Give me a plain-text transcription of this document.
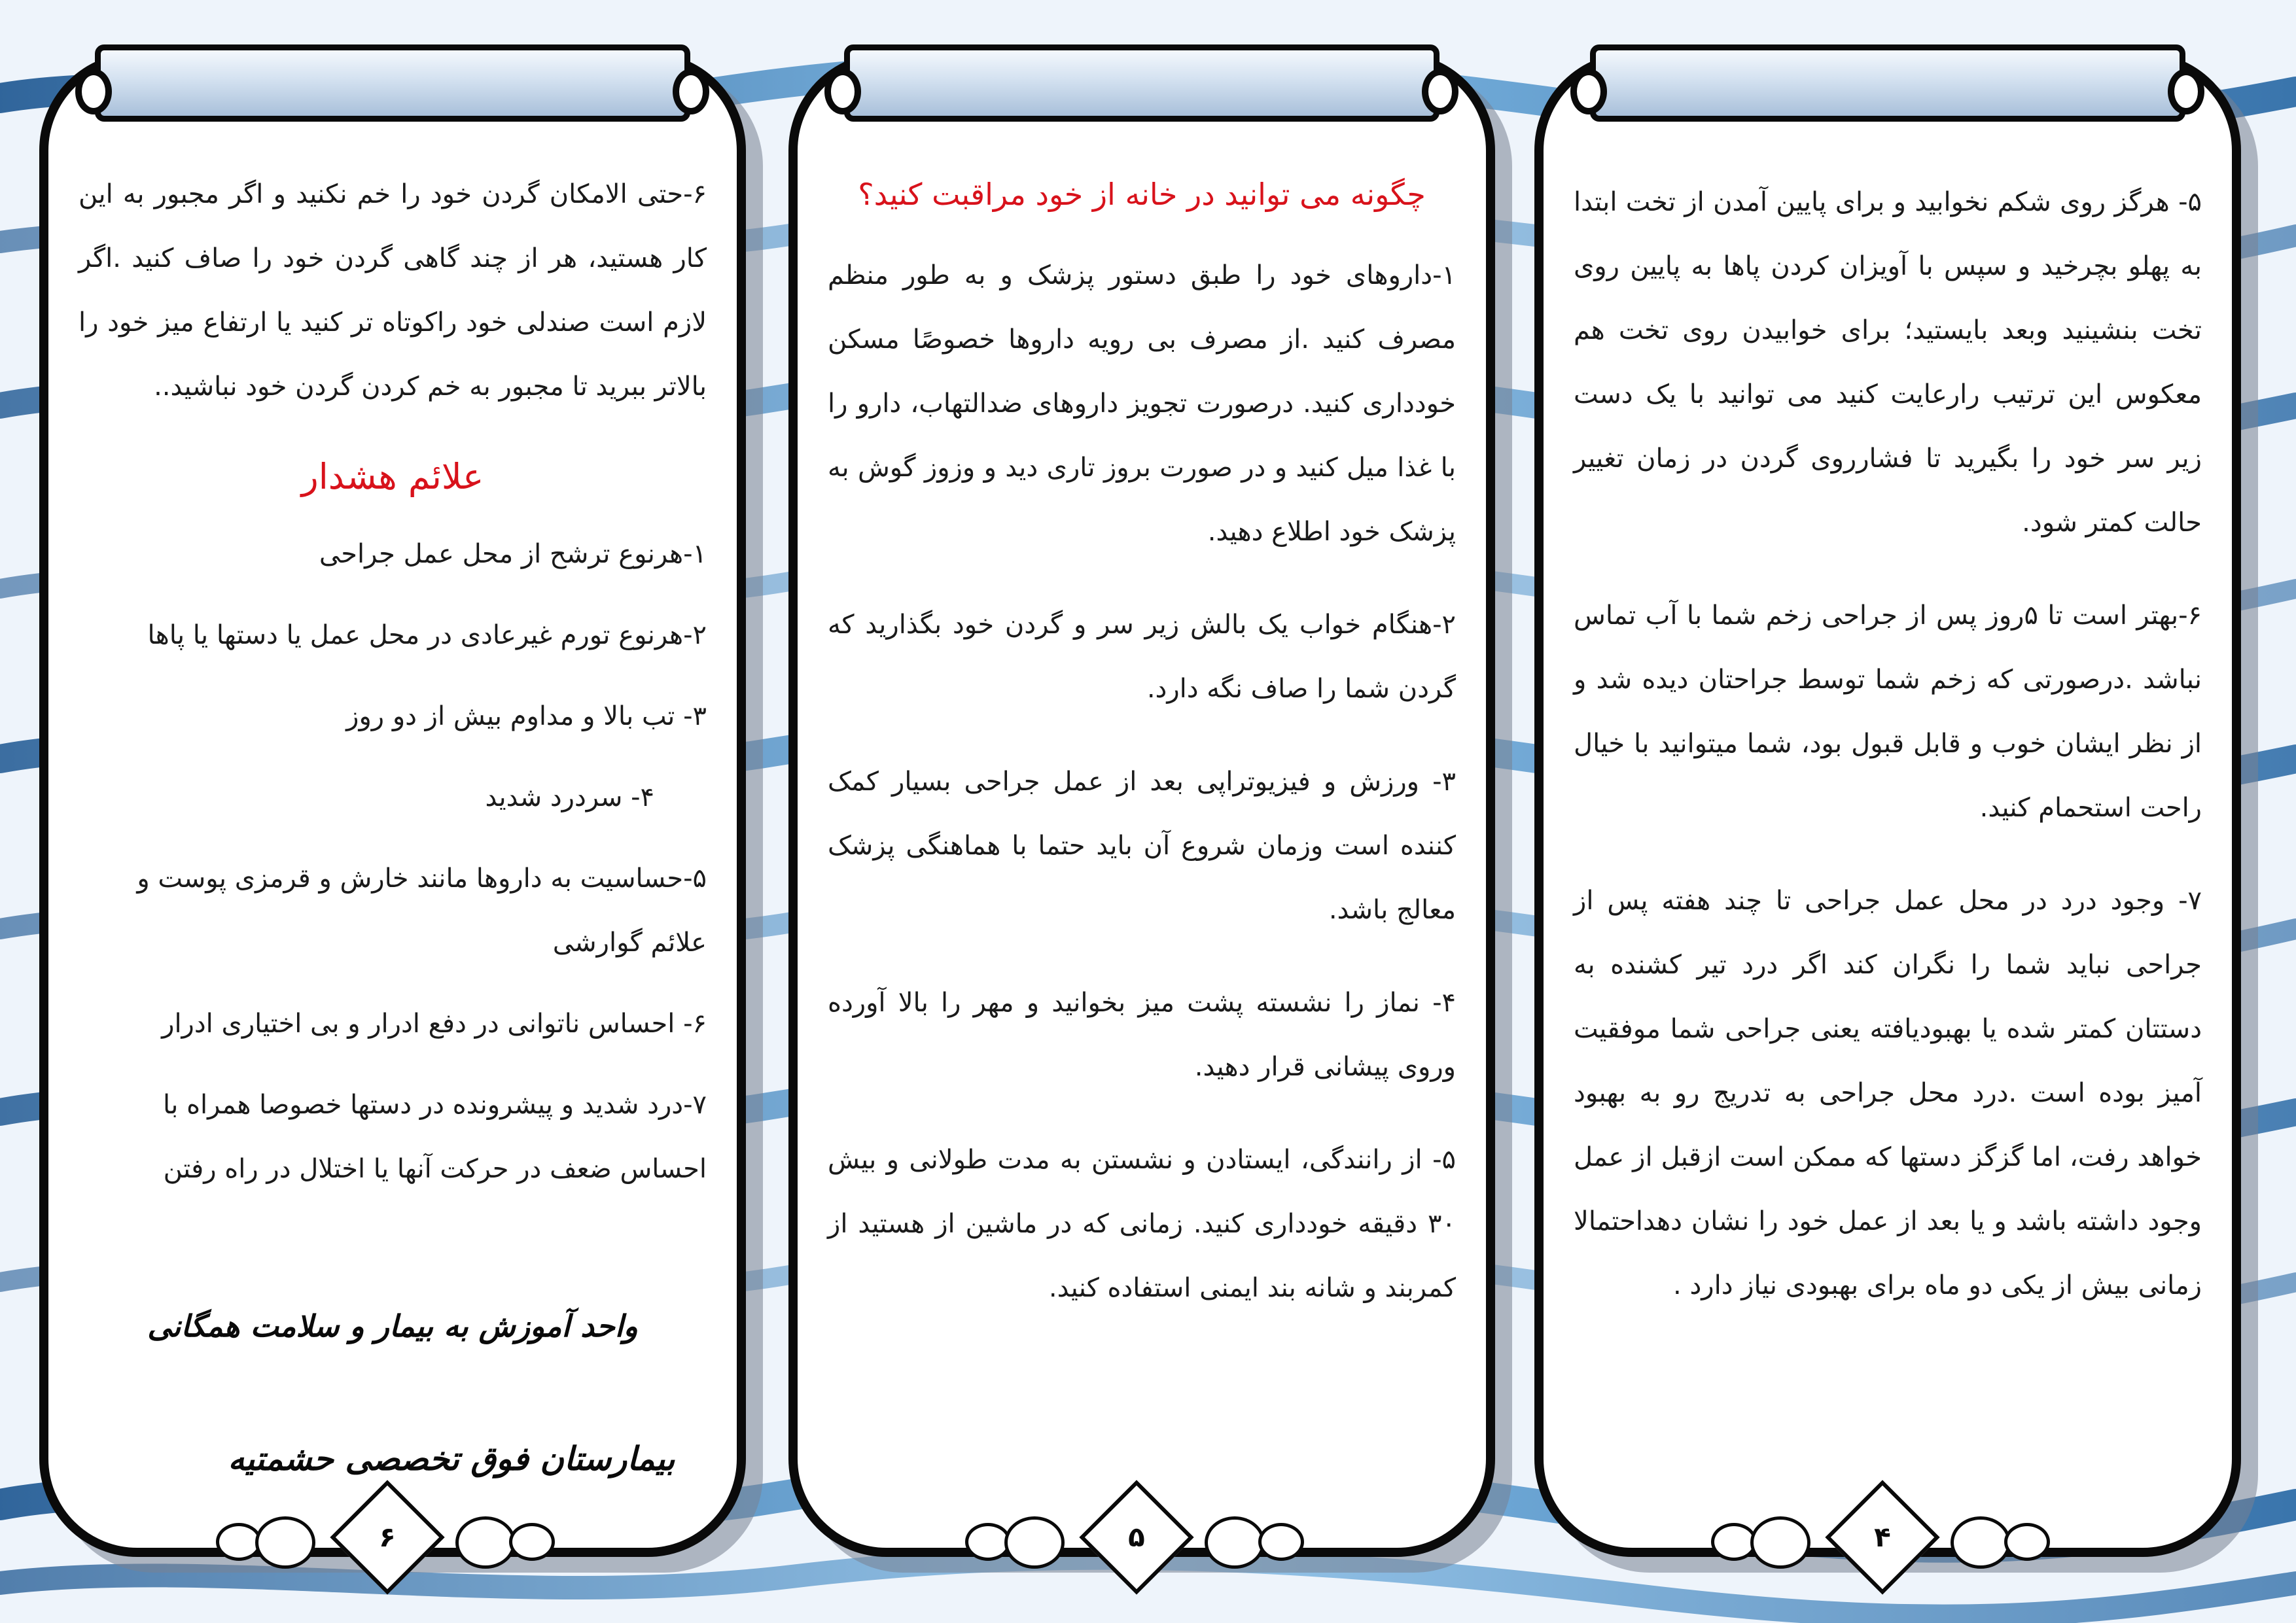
۶-حتی الامکان گردن خود را خم نکنید و اگر مجبور به این کار هستید، هر از چند گاهی گردن خود را صاف کنید .اگر لازم است صندلی خود راکوتاه تر کنید یا ارتفاع میز خود را بالاتر ببرید تا مجبور به خم کردن گردن خود نباشید..

علائم هشدار

۱-هرنوع ترشح از محل عمل جراحی

۲-هرنوع تورم غیرعادی در محل عمل یا دستها یا پاها

۳- تب بالا و مداوم بیش از دو روز

۴- سردرد شدید

۵-حساسیت به داروها مانند خارش و قرمزی پوست و علائم گوارشی

۶- احساس ناتوانی در دفع ادرار و بی اختیاری ادرار

۷-درد شدید و پیشرونده در دستها خصوصا همراه با احساس ضعف در حرکت آنها یا اختلال در راه رفتن

واحد آموزش به بیمار و سلامت همگانی
بیمارستان فوق تخصصی حشمتیه
۶
چگونه می توانید در خانه از خود مراقبت کنید؟

۱-داروهای خود را طبق دستور پزشک و به طور منظم مصرف کنید .از مصرف بی رویه داروها خصوصًا مسکن خودداری کنید. درصورت تجویز داروهای ضدالتهاب، دارو را با غذا میل کنید و در صورت بروز تاری دید و وزوز گوش به پزشک خود اطلاع دهید.

۲-هنگام خواب یک بالش زیر سر و گردن خود بگذارید که گردن شما را صاف نگه دارد.

۳- ورزش و فیزیوتراپی بعد از عمل جراحی بسیار کمک کننده است وزمان شروع آن باید حتما با هماهنگی پزشک معالج باشد.

۴- نماز را نشسته پشت میز بخوانید و مهر را بالا آورده وروی پیشانی قرار دهید.

۵- از رانندگی، ایستادن و نشستن به مدت طولانی و بیش ۳۰ دقیقه خودداری کنید. زمانی که در ماشین از هستید از کمربند و شانه بند ایمنی استفاده کنید.

۵

۵- هرگز روی شکم نخوابید و برای پایین آمدن از تخت ابتدا به پهلو بچرخید و سپس با آویزان کردن پاها به پایین روی تخت بنشینید وبعد بایستید؛ برای خوابیدن روی تخت هم معکوس این ترتیب رارعایت کنید می توانید با یک دست زیر سر خود را بگیرید تا فشارروی گردن در زمان تغییر حالت کمتر شود.

۶-بهتر است تا ۵روز پس از جراحی زخم شما با آب تماس نباشد .درصورتی که زخم شما توسط جراحتان دیده شد و از نظر ایشان خوب و قابل قبول بود، شما میتوانید با خیال راحت استحمام کنید.

۷- وجود درد در محل عمل جراحی تا چند هفته پس از جراحی نباید شما را نگران کند اگر درد تیر کشنده به دستتان کمتر شده یا بهبودیافته یعنی جراحی شما موفقیت آمیز بوده است .درد محل جراحی به تدریج رو به بهبود خواهد رفت، اما گزگز دستها که ممکن است ازقبل از عمل وجود داشته باشد و یا بعد از عمل خود را نشان دهداحتمالا زمانی بیش از یکی دو ماه برای بهبودی نیاز دارد .

۴
